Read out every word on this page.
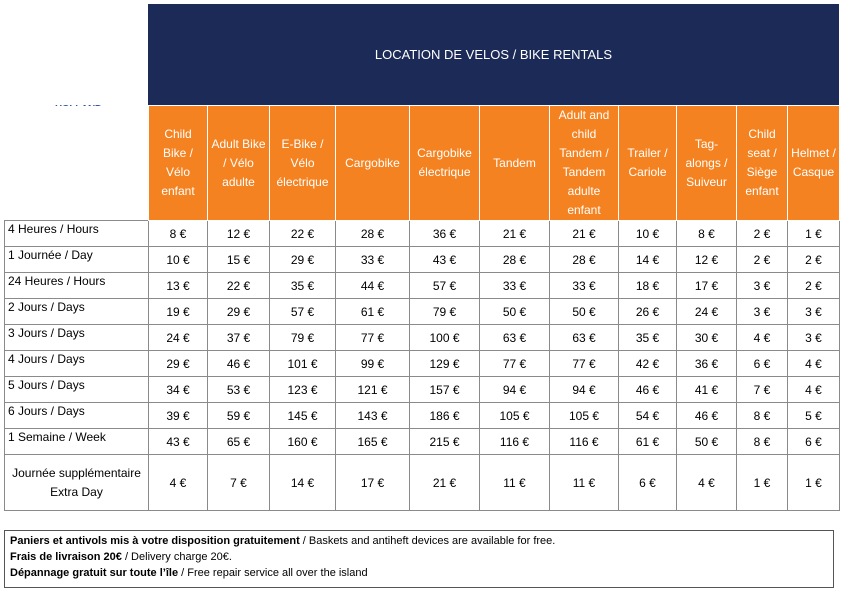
LOCATION DE VELOS / BIKE RENTALS
	Child Bike / Vélo enfant	Adult Bike / Vélo adulte	E-Bike / Vélo électrique	Cargobike	Cargobike électrique	Tandem	Adult and child Tandem / Tandem adulte enfant	Trailer / Cariole	Tag-alongs / Suiveur	Child seat / Siège enfant	Helmet / Casque
4 Heures / Hours	8 €	12 €	22 €	28 €	36 €	21 €	21 €	10 €	8 €	2 €	1 €
1 Journée / Day	10 €	15 €	29 €	33 €	43 €	28 €	28 €	14 €	12 €	2 €	2 €
24 Heures / Hours	13 €	22 €	35 €	44 €	57 €	33 €	33 €	18 €	17 €	3 €	2 €
2 Jours / Days	19 €	29 €	57 €	61 €	79 €	50 €	50 €	26 €	24 €	3 €	3 €
3 Jours / Days	24 €	37 €	79 €	77 €	100 €	63 €	63 €	35 €	30 €	4 €	3 €
4 Jours / Days	29 €	46 €	101 €	99 €	129 €	77 €	77 €	42 €	36 €	6 €	4 €
5 Jours / Days	34 €	53 €	123 €	121 €	157 €	94 €	94 €	46 €	41 €	7 €	4 €
6 Jours / Days	39 €	59 €	145 €	143 €	186 €	105 €	105 €	54 €	46 €	8 €	5 €
1 Semaine / Week	43 €	65 €	160 €	165 €	215 €	116 €	116 €	61 €	50 €	8 €	6 €

Journée supplémentaire
Extra Day	4 €	7 €	14 €	17 €	21 €	11 €	11 €	6 €	4 €	1 €	1 €
Paniers et antivols mis à votre disposition gratuitement / Baskets and antiheft devices are available for free.
Frais de livraison 20€ / Delivery charge 20€.
Dépannage gratuit sur toute l’île / Free repair service all over the island
